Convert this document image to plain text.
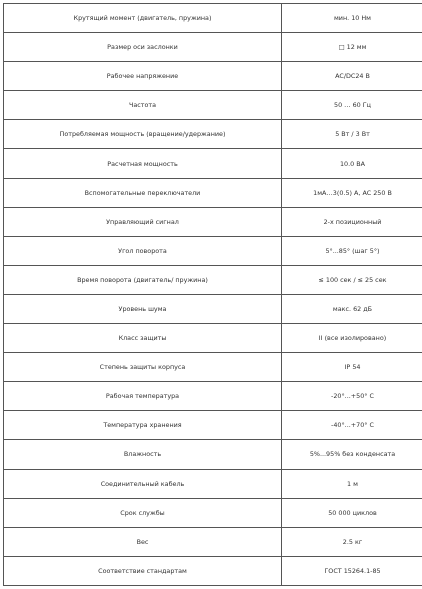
Крутящий момент (двигатель, пружина)	мин. 10 Нм
Размер оси заслонки	□ 12 мм
Рабочее напряжение	AC/DC24 В
Частота	50 … 60 Гц
Потребляемая мощность (вращение/удержание)	5 Вт / 3 Вт
Расчетная мощность	10.0 ВА
Вспомогательные переключатели	1мА…3(0.5) А, AC 250 В
Управляющий сигнал	2-х позиционный
Угол поворота	5°...85° (шаг 5°)
Время поворота (двигатель/ пружина)	≤ 100 сек / ≤ 25 сек
Уровень шума	макс. 62 дБ
Класс защиты	II (все изолировано)
Степень защиты корпуса	IP 54
Рабочая температура	-20°...+50° С
Температура хранения	-40°...+70° С
Влажность	5%...95% без конденсата
Соединительный кабель	1 м
Срок службы	50 000 циклов
Вес	2.5 кг
Соответствие стандартам	ГОСТ 15264.1-85
